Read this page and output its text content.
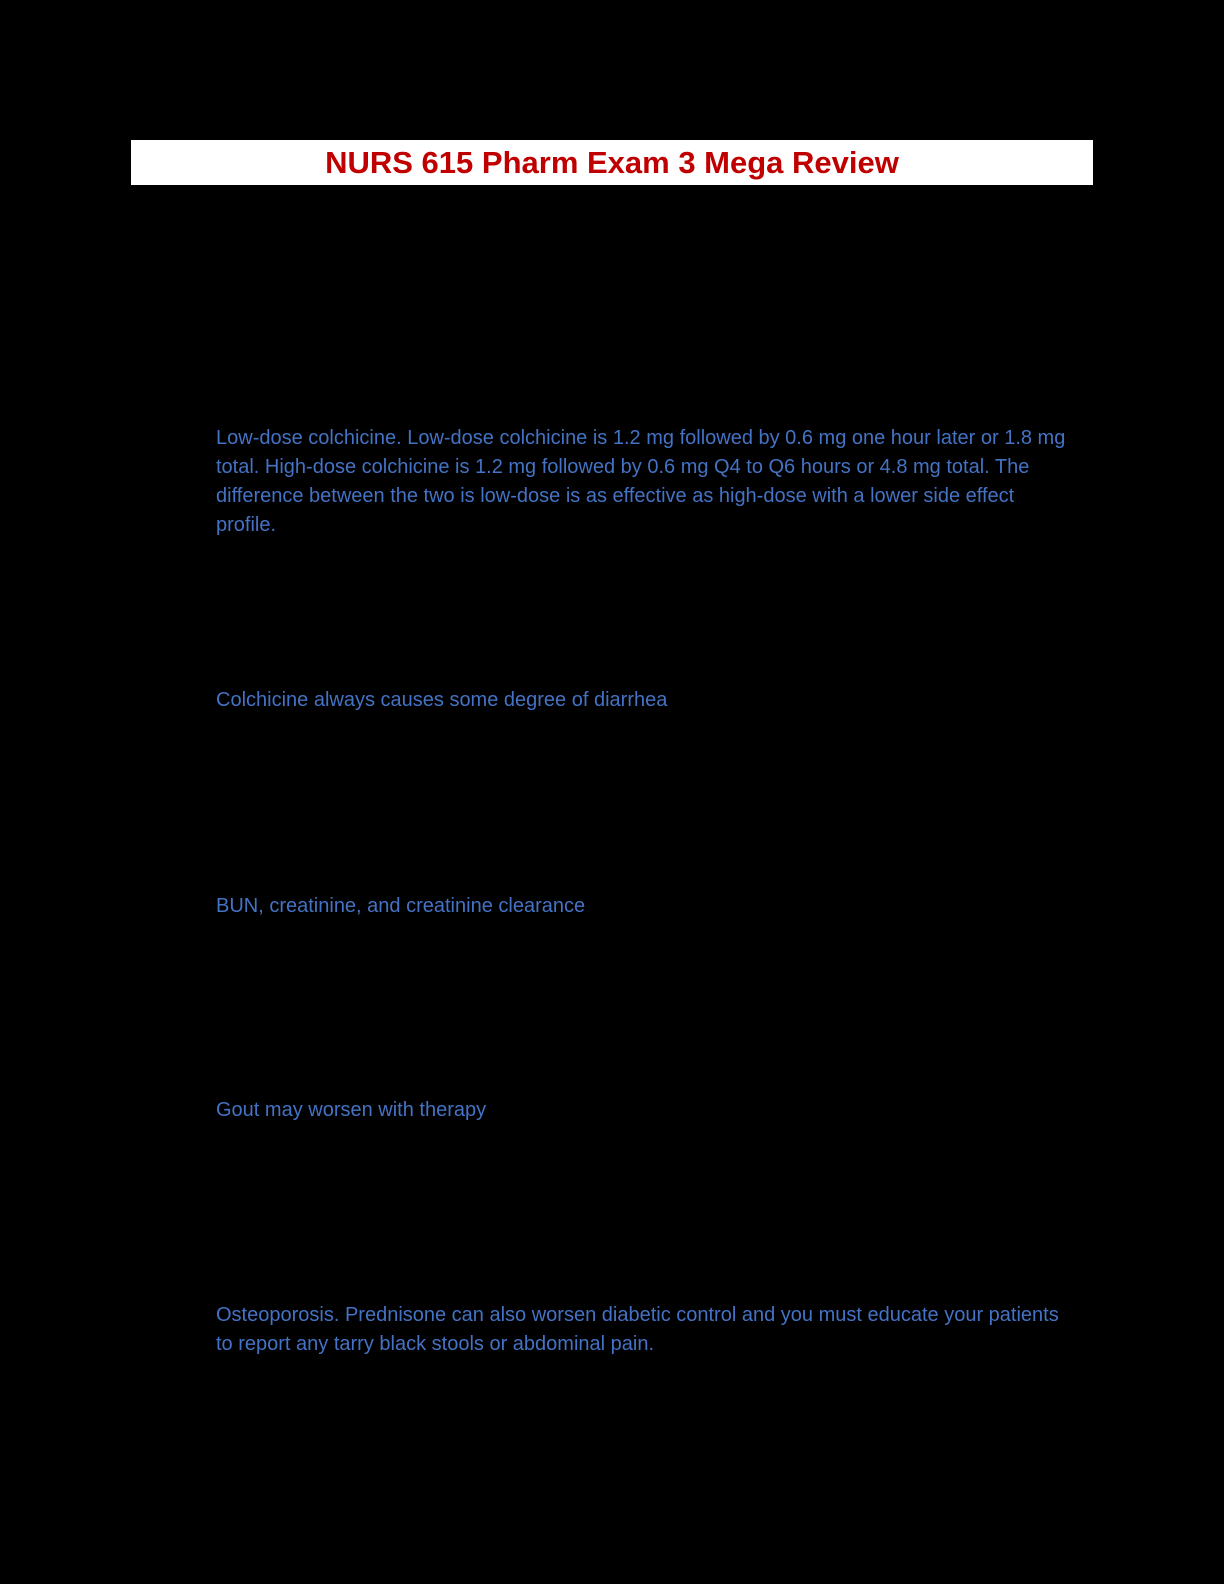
NURS 615 Pharm Exam 3 Mega Review

Low-dose colchicine. Low-dose colchicine is 1.2 mg followed by 0.6 mg one hour later or 1.8 mg total. High-dose colchicine is 1.2 mg followed by 0.6 mg Q4 to Q6 hours or 4.8 mg total. The difference between the two is low-dose is as effective as high-dose with a lower side effect profile.

Colchicine always causes some degree of diarrhea

BUN, creatinine, and creatinine clearance

Gout may worsen with therapy

Osteoporosis. Prednisone can also worsen diabetic control and you must educate your patients to report any tarry black stools or abdominal pain.
